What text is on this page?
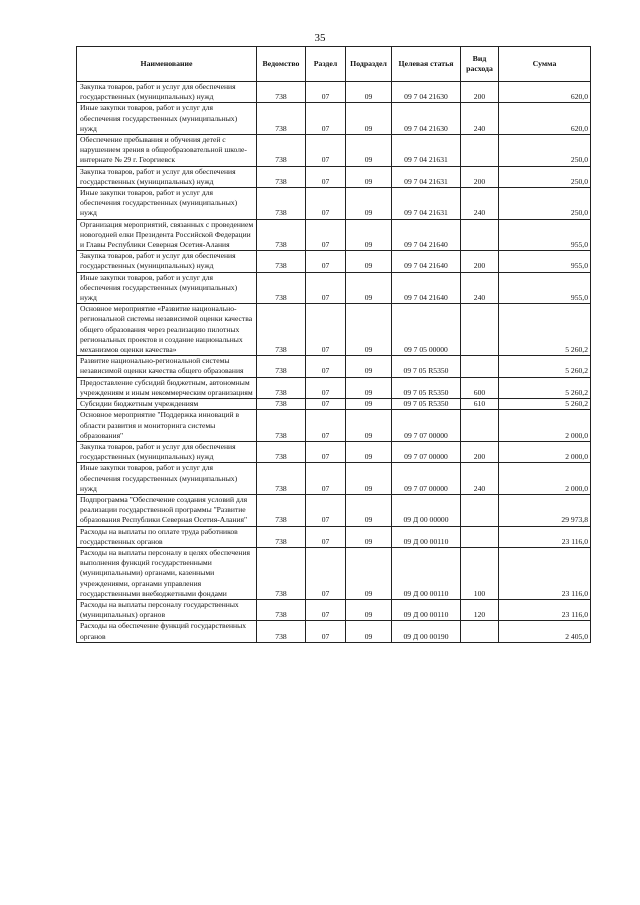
35
Наименование	Ведомство	Раздел	Подраздел	Целевая статья	Вид расхода	Сумма
Закупка товаров, работ и услуг для обеспечения государственных (муниципальных) нужд	738	07	09	09 7 04 21630	200	620,0
Иные закупки товаров, работ и услуг для обеспечения государственных (муниципальных) нужд	738	07	09	09 7 04 21630	240	620,0
Обеспечение пребывания и обучения детей с нарушением зрения в общеобразовательной школе-интернате № 29 г. Георгиевск	738	07	09	09 7 04 21631		250,0
Закупка товаров, работ и услуг для обеспечения государственных (муниципальных) нужд	738	07	09	09 7 04 21631	200	250,0
Иные закупки товаров, работ и услуг для обеспечения государственных (муниципальных) нужд	738	07	09	09 7 04 21631	240	250,0
Организация мероприятий, связанных с проведением новогодней елки Президента Российской Федерации и Главы Республики Северная Осетия-Алания	738	07	09	09 7 04 21640		955,0
Закупка товаров, работ и услуг для обеспечения государственных (муниципальных) нужд	738	07	09	09 7 04 21640	200	955,0
Иные закупки товаров, работ и услуг для обеспечения государственных (муниципальных) нужд	738	07	09	09 7 04 21640	240	955,0
Основное мероприятие «Развитие национально-региональной системы независимой оценки качества общего образования через реализацию пилотных региональных проектов и создание национальных механизмов оценки качества»	738	07	09	09 7 05 00000		5 260,2
Развитие национально-региональной системы независимой оценки качества общего образования	738	07	09	09 7 05 R5350		5 260,2
Предоставление субсидий бюджетным, автономным учреждениям и иным некоммерческим организациям	738	07	09	09 7 05 R5350	600	5 260,2
Субсидии бюджетным учреждениям	738	07	09	09 7 05 R5350	610	5 260,2
Основное мероприятие "Поддержка инноваций в области развития и мониторинга системы образования"	738	07	09	09 7 07 00000		2 000,0
Закупка товаров, работ и услуг для обеспечения государственных (муниципальных) нужд	738	07	09	09 7 07 00000	200	2 000,0
Иные закупки товаров, работ и услуг для обеспечения государственных (муниципальных) нужд	738	07	09	09 7 07 00000	240	2 000,0
Подпрограмма "Обеспечение создания условий для реализации государственной программы "Развитие образования Республики Северная Осетия-Алания"	738	07	09	09 Д 00 00000		29 973,8
Расходы на выплаты по оплате труда работников государственных органов	738	07	09	09 Д 00 00110		23 116,0
Расходы на выплаты персоналу в целях обеспечения выполнения функций государственными (муниципальными) органами, казенными учреждениями, органами управления государственными внебюджетными фондами	738	07	09	09 Д 00 00110	100	23 116,0
Расходы на выплаты персоналу государственных (муниципальных) органов	738	07	09	09 Д 00 00110	120	23 116,0
Расходы на обеспечение функций государственных органов	738	07	09	09 Д 00 00190		2 405,0
